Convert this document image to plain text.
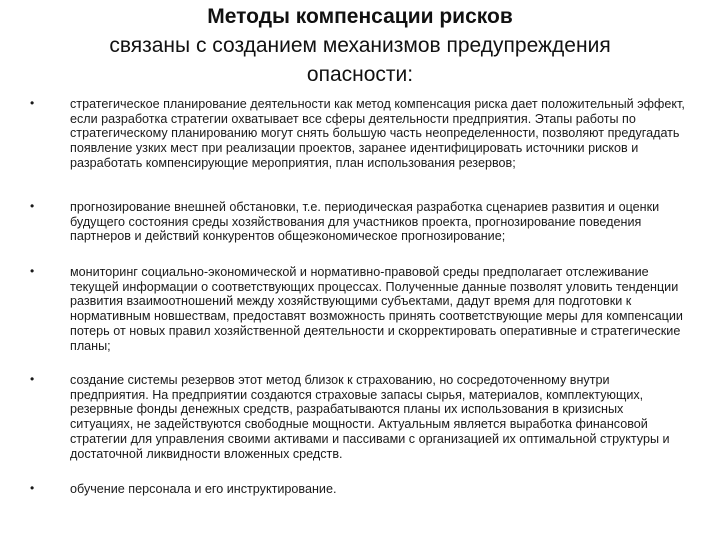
Методы компенсации рисков
связаны с созданием механизмов предупреждения
опасности:
•	стратегическое планирование деятельности как метод компенсация риска дает положительный эффект, если разработка стратегии охватывает все сферы деятельности предприятия. Этапы работы по стратегическому планированию могут снять большую часть неопределенности, позволяют предугадать появление узких мест при реализации проектов, заранее идентифицировать источники рисков и разработать компенсирующие мероприятия, план использования резервов;
•	прогнозирование внешней обстановки, т.е. периодическая разработка сценариев развития и оценки будущего состояния среды хозяйствования для участников проекта, прогнозирование поведения партнеров и действий конкурентов общеэкономическое прогнозирование;
•	мониторинг социально-экономической и нормативно-правовой среды предполагает отслеживание текущей информации о соответствующих процессах. Полученные данные позволят уловить тенденции развития взаимоотношений между хозяйствующими субъектами, дадут время для подготовки к нормативным новшествам, предоставят возможность принять соответствующие меры для компенсации потерь от новых правил хозяйственной деятельности и скорректировать оперативные и стратегические планы;
•	создание системы резервов этот метод близок к страхованию, но сосредоточенному внутри предприятия. На предприятии создаются страховые запасы сырья, материалов, комплектующих, резервные фонды денежных средств, разрабатываются планы их использования в кризисных ситуациях, не задействуются свободные мощности. Актуальным является выработка финансовой стратегии для управления своими активами и пассивами с организацией их оптимальной структуры и достаточной ликвидности вложенных средств.
•	обучение персонала и его инструктирование.
